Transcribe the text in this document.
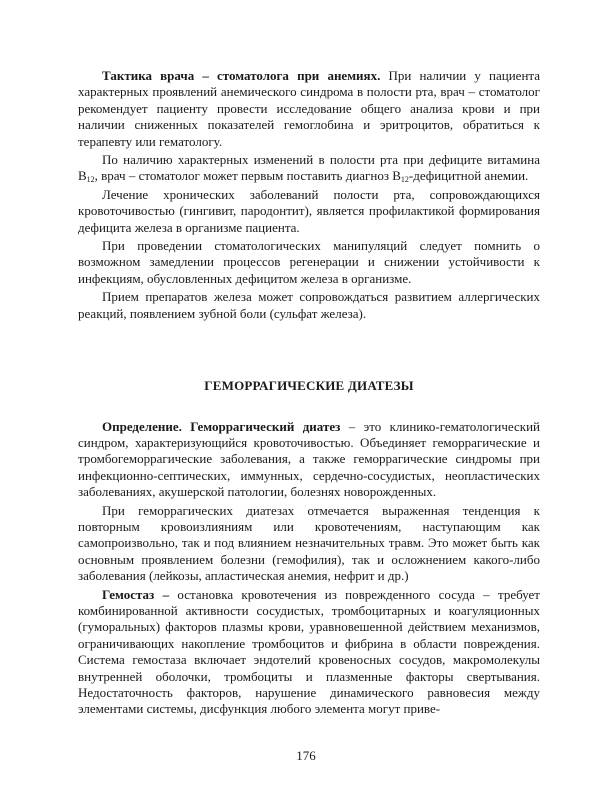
Тактика врача – стоматолога при анемиях. При наличии у пациента характерных проявлений анемического синдрома в полости рта, врач – стоматолог рекомендует пациенту провести исследование общего анализа крови и при наличии сниженных показателей гемоглобина и эритроцитов, обратиться к терапевту или гематологу.

По наличию характерных изменений в полости рта при дефиците витамина $В_{12}$, врач – стоматолог может первым поставить диагноз $В_{12}$-дефицитной анемии.

Лечение хронических заболеваний полости рта, сопровождающихся кровоточивостью (гингивит, пародонтит), является профилактикой формирования дефицита железа в организме пациента.

При проведении стоматологических манипуляций следует помнить о возможном замедлении процессов регенерации и снижении устойчивости к инфекциям, обусловленных дефицитом железа в организме.

Прием препаратов железа может сопровождаться развитием аллергических реакций, появлением зубной боли (сульфат железа).

ГЕМОРРАГИЧЕСКИЕ ДИАТЕЗЫ

Определение. Геморрагический диатез – это клинико-гематологический синдром, характеризующийся кровоточивостью. Объединяет геморрагические и тромбогеморрагические заболевания, а также геморрагические синдромы при инфекционно-септических, иммунных, сердечно-сосудистых, неопластических заболеваниях, акушерской патологии, болезнях новорожденных.

При геморрагических диатезах отмечается выраженная тенденция к повторным кровоизлияниям или кровотечениям, наступающим как самопроизвольно, так и под влиянием незначительных травм. Это может быть как основным проявлением болезни (гемофилия), так и осложнением какого-либо заболевания (лейкозы, апластическая анемия, нефрит и др.)

Гемостаз – остановка кровотечения из поврежденного сосуда – требует комбинированной активности сосудистых, тромбоцитарных и коагуляционных (гуморальных) факторов плазмы крови, уравновешенной действием механизмов, ограничивающих накопление тромбоцитов и фибрина в области повреждения. Система гемостаза включает эндотелий кровеносных сосудов, макромолекулы внутренней оболочки, тромбоциты и плазменные факторы свертывания. Недостаточность факторов, нарушение динамического равновесия между элементами системы, дисфункция любого элемента могут приве-

176
